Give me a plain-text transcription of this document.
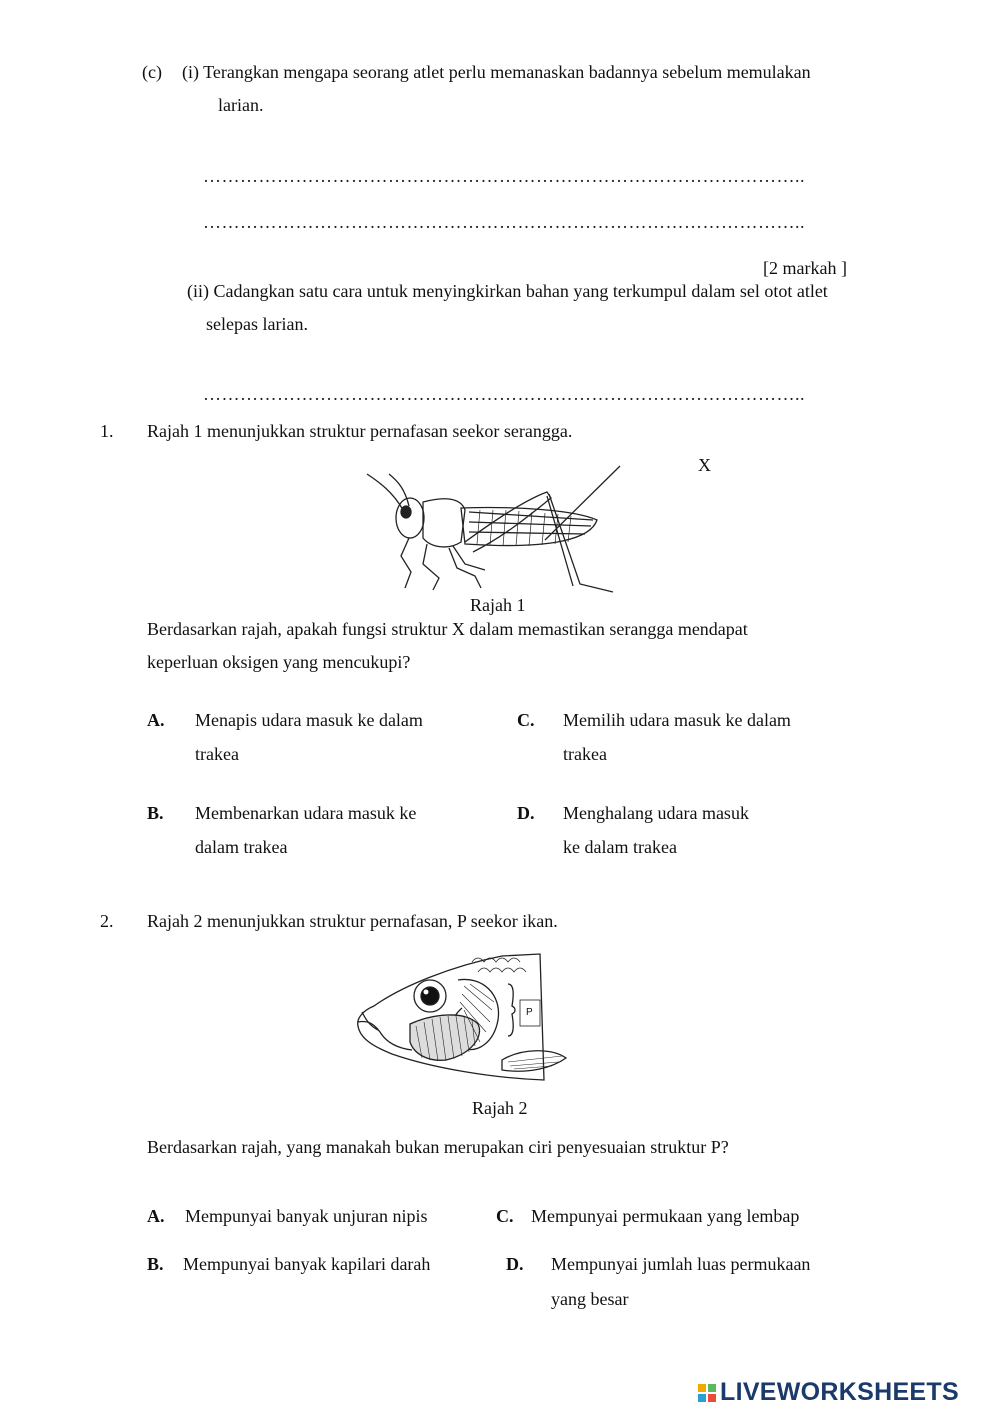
(c) (i) Terangkan mengapa seorang atlet perlu memanaskan badannya sebelum memulakan
larian.
……………………………………………………………………………………..
……………………………………………………………………………………..
[2 markah ]
(ii) Cadangkan satu cara untuk menyingkirkan bahan yang terkumpul dalam sel otot atlet
selepas larian.
……………………………………………………………………………………..
1. Rajah 1 menunjukkan struktur pernafasan seekor serangga.
X
Rajah 1
Berdasarkan rajah, apakah fungsi struktur X dalam memastikan serangga mendapat
keperluan oksigen yang mencukupi?
A. Menapis udara masuk ke dalam
trakea
C. Memilih udara masuk ke dalam
trakea
B. Membenarkan udara masuk ke
dalam trakea
D. Menghalang udara masuk
ke dalam trakea
2. Rajah 2 menunjukkan struktur pernafasan, P seekor ikan.
P
Rajah 2
Berdasarkan rajah, yang manakah bukan merupakan ciri penyesuaian struktur P?
A. Mempunyai banyak unjuran nipis	C. Mempunyai permukaan yang lembap
B. Mempunyai banyak kapilari darah	D. Mempunyai jumlah luas permukaan
yang besar
LIVEWORKSHEETS
